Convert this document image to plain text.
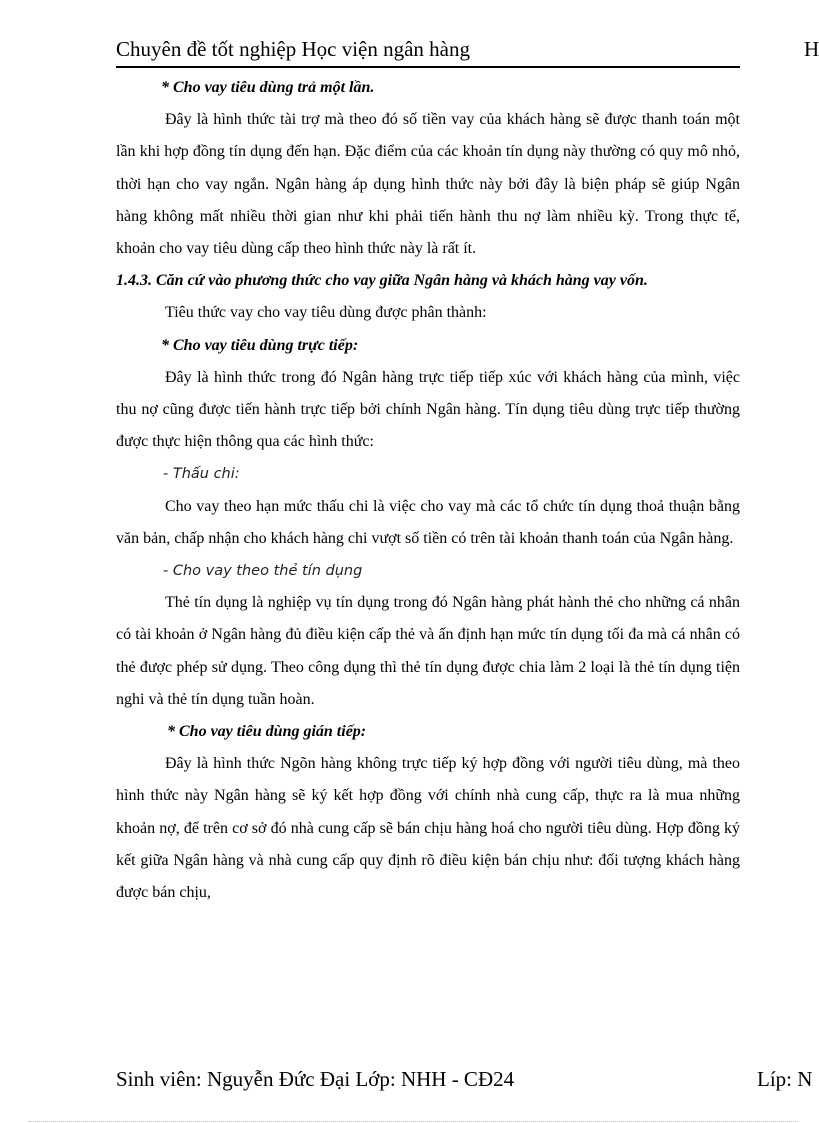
Chuyên đề tốt nghiệp Học viện ngân hàng	H

* Cho vay tiêu dùng trả một lần.

Đây là hình thức tài trợ mà theo đó số tiền vay của khách hàng sẽ được thanh toán một lần khi hợp đồng tín dụng đến hạn. Đặc điểm của các khoản tín dụng này thường có quy mô nhỏ, thời hạn cho vay ngắn. Ngân hàng áp dụng hình thức này bởi đây là biện pháp sẽ giúp Ngân hàng không mất nhiều thời gian như khi phải tiến hành thu nợ làm nhiều kỳ. Trong thực tế, khoản cho vay tiêu dùng cấp theo hình thức này là rất ít.

1.4.3. Căn cứ vào phương thức cho vay giữa Ngân hàng và khách hàng vay vốn.

Tiêu thức vay cho vay tiêu dùng được phân thành:

* Cho vay tiêu dùng trực tiếp:

Đây là hình thức trong đó Ngân hàng trực tiếp tiếp xúc với khách hàng của mình, việc thu nợ cũng được tiến hành trực tiếp bởi chính Ngân hàng. Tín dụng tiêu dùng trực tiếp thường được thực hiện thông qua các hình thức:

- Thấu chi:

Cho vay theo hạn mức thấu chi là việc cho vay mà các tổ chức tín dụng thoả thuận bằng văn bản, chấp nhận cho khách hàng chi vượt số tiền có trên tài khoản thanh toán của Ngân hàng.

- Cho vay theo thẻ tín dụng

Thẻ tín dụng là nghiệp vụ tín dụng trong đó Ngân hàng phát hành thẻ cho những cá nhân có tài khoản ở Ngân hàng đủ điều kiện cấp thẻ và ấn định hạn mức tín dụng tối đa mà cá nhân có thẻ được phép sử dụng. Theo công dụng thì thẻ tín dụng được chia làm 2 loại là thẻ tín dụng tiện nghi và thẻ tín dụng tuần hoàn.

* Cho vay tiêu dùng gián tiếp:

Đây là hình thức Ngõn hàng không trực tiếp ký hợp đồng với người tiêu dùng, mà theo hình thức này Ngân hàng sẽ ký kết hợp đồng với chính nhà cung cấp, thực ra là mua những khoản nợ, để trên cơ sở đó nhà cung cấp sẽ bán chịu hàng hoá cho người tiêu dùng. Hợp đồng ký kết giữa Ngân hàng và nhà cung cấp quy định rõ điều kiện bán chịu như: đối tượng khách hàng được bán chịu,

Sinh viên: Nguyễn Đức Đại Lớp: NHH - CĐ24	Líp: N
